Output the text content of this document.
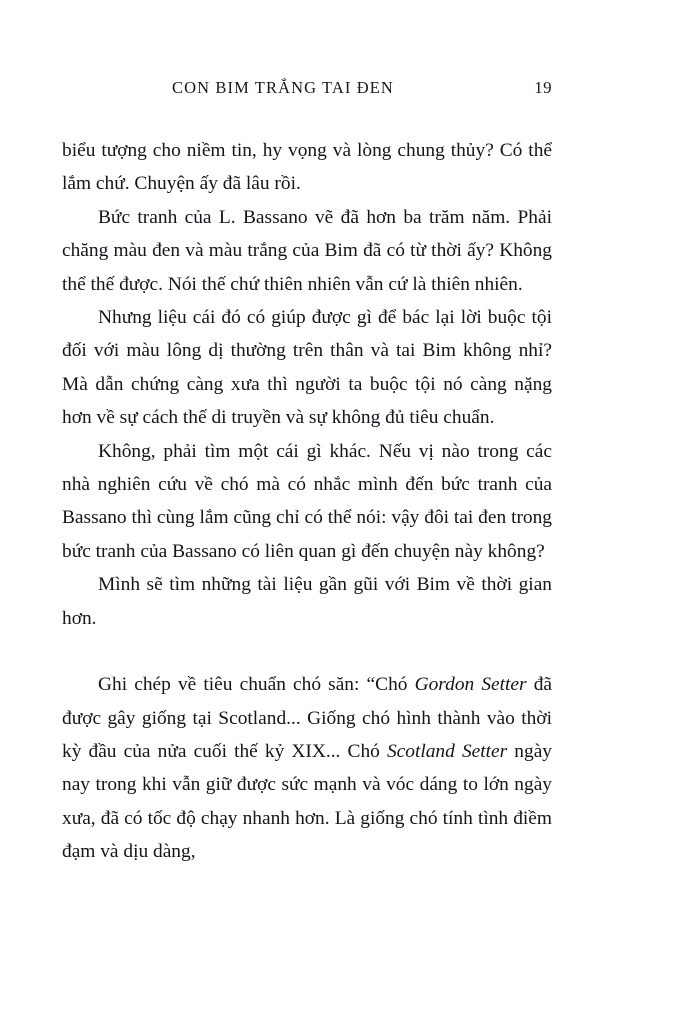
CON BIM TRẮNG TAI ĐEN	19

biểu tượng cho niềm tin, hy vọng và lòng chung thủy? Có thể lắm chứ. Chuyện ấy đã lâu rồi.

Bức tranh của L. Bassano vẽ đã hơn ba trăm năm. Phải chăng màu đen và màu trắng của Bim đã có từ thời ấy? Không thể thế được. Nói thế chứ thiên nhiên vẫn cứ là thiên nhiên.

Nhưng liệu cái đó có giúp được gì để bác lại lời buộc tội đối với màu lông dị thường trên thân và tai Bim không nhỉ? Mà dẫn chứng càng xưa thì người ta buộc tội nó càng nặng hơn về sự cách thế di truyền và sự không đủ tiêu chuẩn.

Không, phải tìm một cái gì khác. Nếu vị nào trong các nhà nghiên cứu về chó mà có nhắc mình đến bức tranh của Bassano thì cùng lắm cũng chỉ có thể nói: vậy đôi tai đen trong bức tranh của Bassano có liên quan gì đến chuyện này không?

Mình sẽ tìm những tài liệu gần gũi với Bim về thời gian hơn.

Ghi chép về tiêu chuẩn chó săn: “Chó Gordon Setter đã được gây giống tại Scotland... Giống chó hình thành vào thời kỳ đầu của nửa cuối thế kỷ XIX... Chó Scotland Setter ngày nay trong khi vẫn giữ được sức mạnh và vóc dáng to lớn ngày xưa, đã có tốc độ chạy nhanh hơn. Là giống chó tính tình điềm đạm và dịu dàng,
